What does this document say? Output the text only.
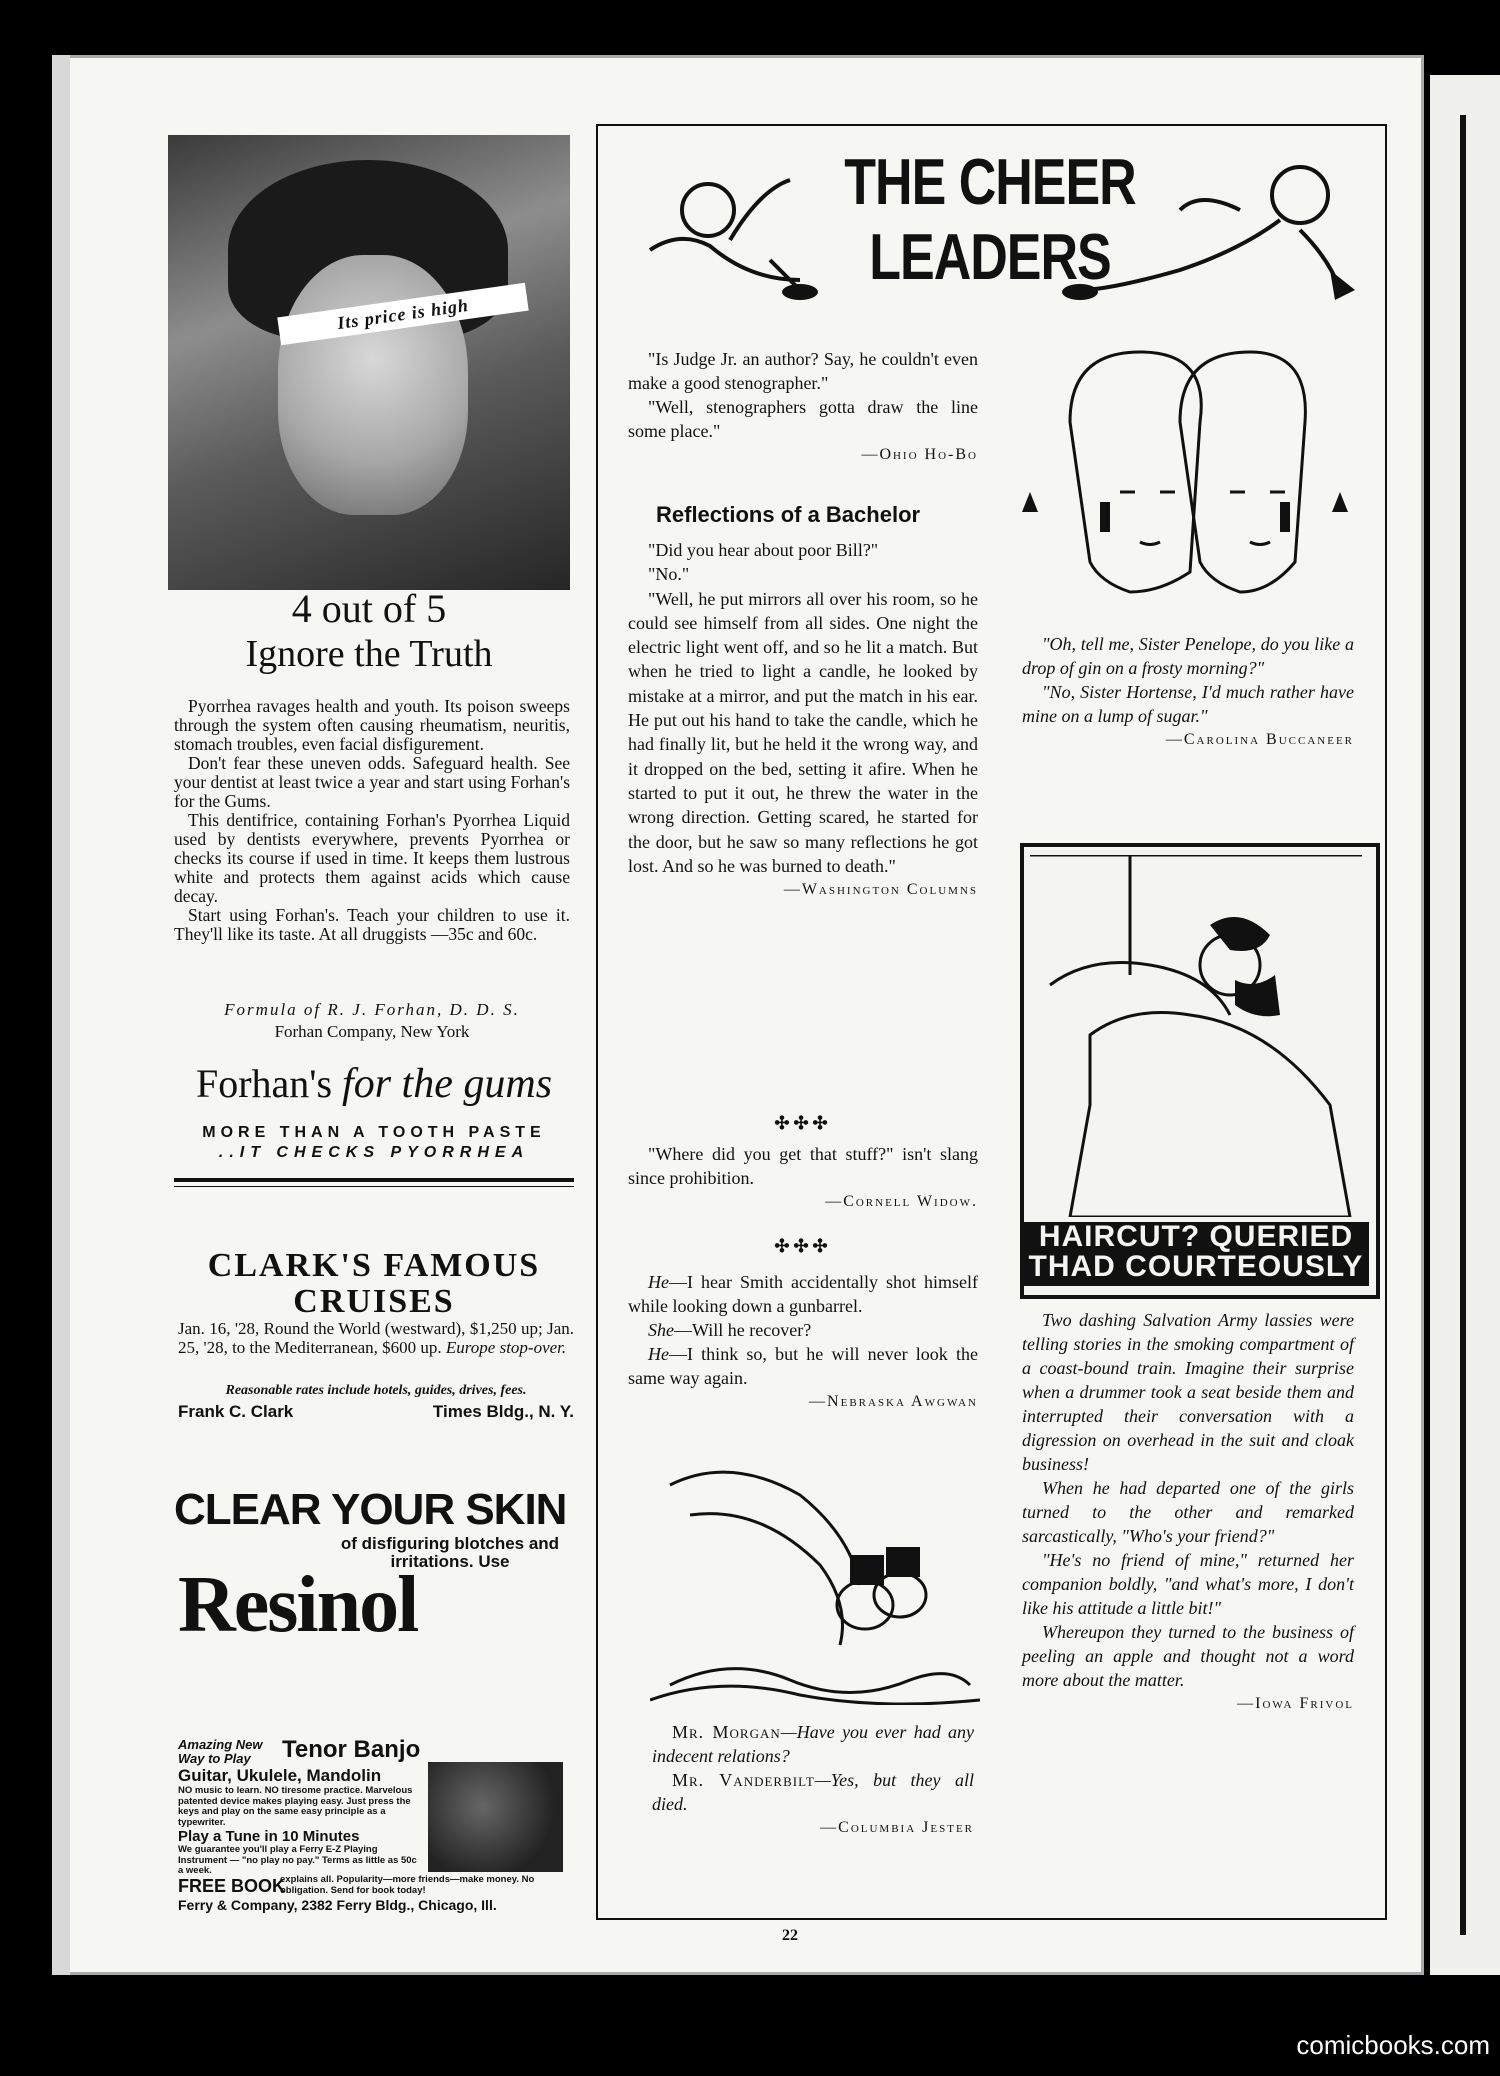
Its price is high
4 out of 5
Ignore the Truth

Pyorrhea ravages health and youth. Its poison sweeps through the system often causing rheumatism, neuritis, stomach troubles, even facial disfigurement.

Don't fear these uneven odds. Safeguard health. See your dentist at least twice a year and start using Forhan's for the Gums.

This dentifrice, containing Forhan's Pyorrhea Liquid used by dentists everywhere, prevents Pyorrhea or checks its course if used in time. It keeps them lustrous white and protects them against acids which cause decay.

Start using Forhan's. Teach your children to use it. They'll like its taste. At all druggists —35c and 60c.

Formula of R. J. Forhan, D. D. S.
Forhan Company, New York
Forhan's for the gums
MORE THAN A TOOTH PASTE
..IT CHECKS PYORRHEA
CLARK'S FAMOUS CRUISES
Jan. 16, '28, Round the World (westward), $1,250 up; Jan. 25, '28, to the Mediterranean, $600 up. Europe stop-over.
Reasonable rates include hotels, guides, drives, fees.
Frank C. Clark	Times Bldg., N. Y.
CLEAR YOUR SKIN
of disfiguring blotches and irritations. Use
Resinol
Amazing New Way to Play	Tenor Banjo
Guitar, Ukulele, Mandolin
NO music to learn. NO tiresome practice. Marvelous patented device makes playing easy. Just press the keys and play on the same easy principle as a typewriter.
Play a Tune in 10 Minutes
We guarantee you'll play a Ferry E-Z Playing Instrument — "no play no pay." Terms as little as 50c a week.
FREE BOOK
explains all. Popularity—more friends—make money. No obligation. Send for book today!
Ferry & Company, 2382 Ferry Bldg., Chicago, Ill.
THE CHEER LEADERS

"Is Judge Jr. an author? Say, he couldn't even make a good stenographer."

"Well, stenographers gotta draw the line some place."

—Ohio Ho-Bo
Reflections of a Bachelor

"Did you hear about poor Bill?"

"No."

"Well, he put mirrors all over his room, so he could see himself from all sides. One night the electric light went off, and so he lit a match. But when he tried to light a candle, he looked by mistake at a mirror, and put the match in his ear. He put out his hand to take the candle, which he had finally lit, but he held it the wrong way, and it dropped on the bed, setting it afire. When he started to put it out, he threw the water in the wrong direction. Getting scared, he started for the door, but he saw so many reflections he got lost. And so he was burned to death."

—Washington Columns
✣✣✣

"Where did you get that stuff?" isn't slang since prohibition.

—Cornell Widow.
✣✣✣

He—I hear Smith accidentally shot himself while looking down a gunbarrel.

She—Will he recover?

He—I think so, but he will never look the same way again.

—Nebraska Awgwan

Mr. Morgan—Have you ever had any indecent relations?

Mr. Vanderbilt—Yes, but they all died.

—Columbia Jester

"Oh, tell me, Sister Penelope, do you like a drop of gin on a frosty morning?"

"No, Sister Hortense, I'd much rather have mine on a lump of sugar."

—Carolina Buccaneer
HAIRCUT? QUERIED
THAD COURTEOUSLY

Two dashing Salvation Army lassies were telling stories in the smoking compartment of a coast-bound train. Imagine their surprise when a drummer took a seat beside them and interrupted their conversation with a digression on overhead in the suit and cloak business!

When he had departed one of the girls turned to the other and remarked sarcastically, "Who's your friend?"

"He's no friend of mine," returned her companion boldly, "and what's more, I don't like his attitude a little bit!"

Whereupon they turned to the business of peeling an apple and thought not a word more about the matter.

—Iowa Frivol
22
comicbooks.com
